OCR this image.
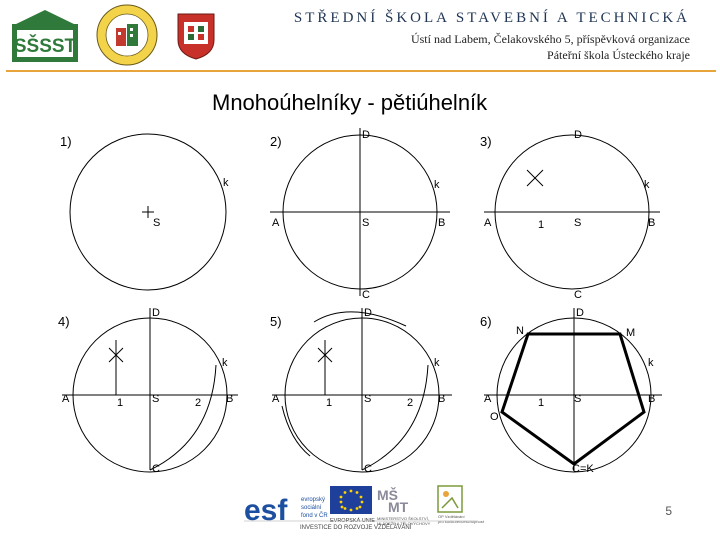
SŠSST
STŘEDNÍ ŠKOLA STAVEBNÍ A TECHNICKÁ
Ústí nad Labem, Čelakovského 5, příspěvková organizace
Páteřní škola Ústeckého kraje
Mnohoúhelníky - pětiúhelník
1)
k
S
2)	D
k
A	S	B
C
3)	D
k
A	1	S	B
C
4)
D
k
A	1	S	2 B
C
5)
D
k
A	1	S	2 B
C
6)
D
N	M
k
A	1	S	B
O
C=K
esf evropský
sociální
fond v ČR
EVROPSKÁ UNIE
MŠ
MT
MINISTERSTVO ŠKOLSTVÍ,
MLÁDEŽE A TĚLOVÝCHOVY
OP Vzdělávání
pro konkurenceschopnost
INVESTICE DO ROZVOJE VZDĚLÁVÁNÍ
5
